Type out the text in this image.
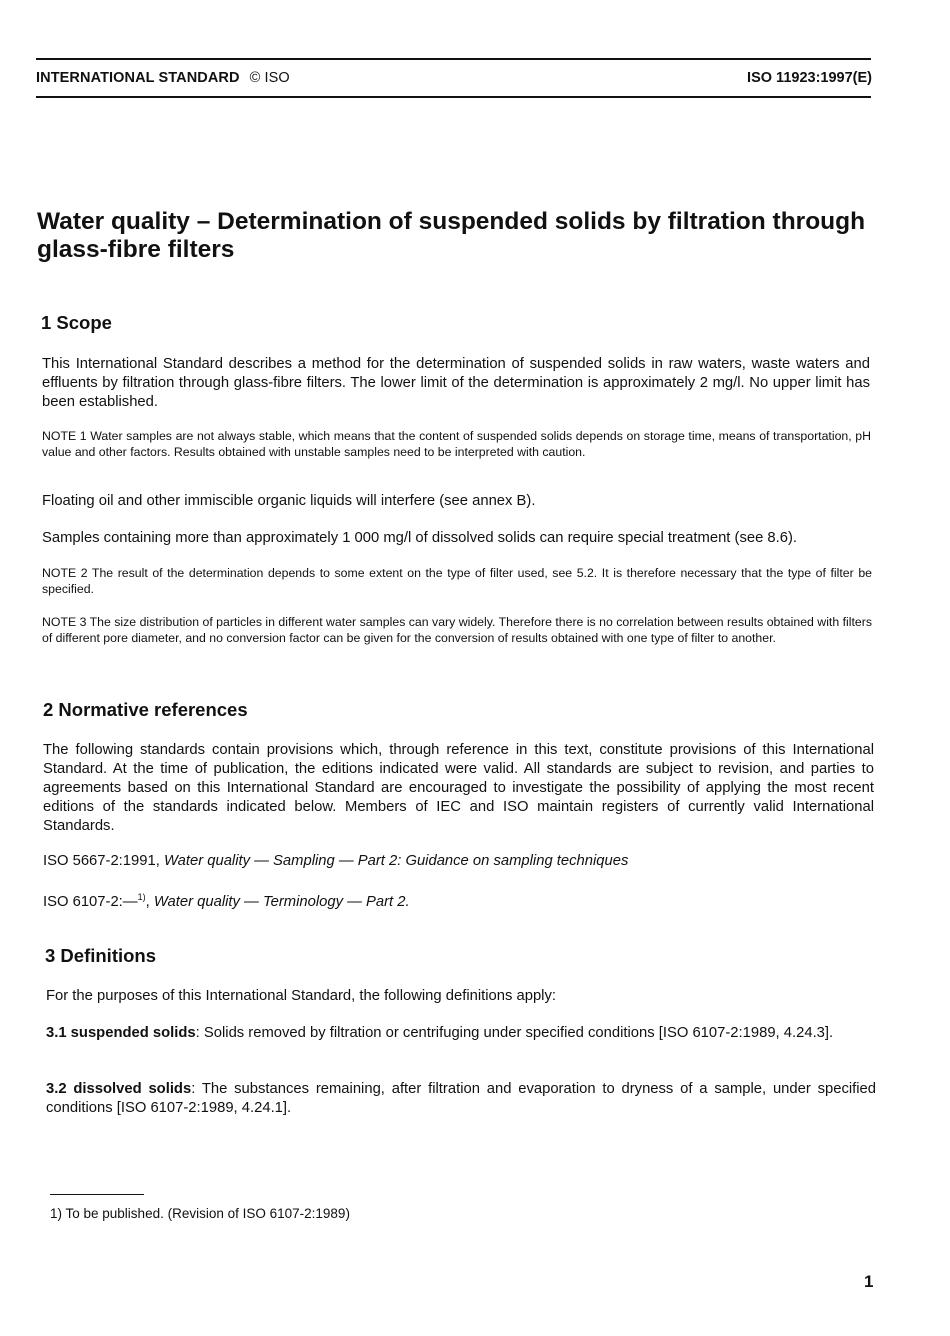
INTERNATIONAL STANDARD © ISO	ISO 11923:1997(E)
Water quality – Determination of suspended solids by filtration through glass-fibre filters
1 Scope
This International Standard describes a method for the determination of suspended solids in raw waters, waste waters and effluents by filtration through glass-fibre filters. The lower limit of the determination is approximately 2 mg/l. No upper limit has been established.
NOTE 1 Water samples are not always stable, which means that the content of suspended solids depends on storage time, means of transportation, pH value and other factors. Results obtained with unstable samples need to be interpreted with caution.
Floating oil and other immiscible organic liquids will interfere (see annex B).
Samples containing more than approximately 1 000 mg/l of dissolved solids can require special treatment (see 8.6).
NOTE 2 The result of the determination depends to some extent on the type of filter used, see 5.2. It is therefore necessary that the type of filter be specified.
NOTE 3 The size distribution of particles in different water samples can vary widely. Therefore there is no correlation between results obtained with filters of different pore diameter, and no conversion factor can be given for the conversion of results obtained with one type of filter to another.
2 Normative references
The following standards contain provisions which, through reference in this text, constitute provisions of this International Standard. At the time of publication, the editions indicated were valid. All standards are subject to revision, and parties to agreements based on this International Standard are encouraged to investigate the possibility of applying the most recent editions of the standards indicated below. Members of IEC and ISO maintain registers of currently valid International Standards.
ISO 5667-2:1991, Water quality — Sampling — Part 2: Guidance on sampling techniques
ISO 6107-2:—$^{1)}$, Water quality — Terminology — Part 2.
3 Definitions
For the purposes of this International Standard, the following definitions apply:
3.1 suspended solids: Solids removed by filtration or centrifuging under specified conditions [ISO 6107-2:1989, 4.24.3].
3.2 dissolved solids: The substances remaining, after filtration and evaporation to dryness of a sample, under specified conditions [ISO 6107-2:1989, 4.24.1].
1) To be published. (Revision of ISO 6107-2:1989)
1
